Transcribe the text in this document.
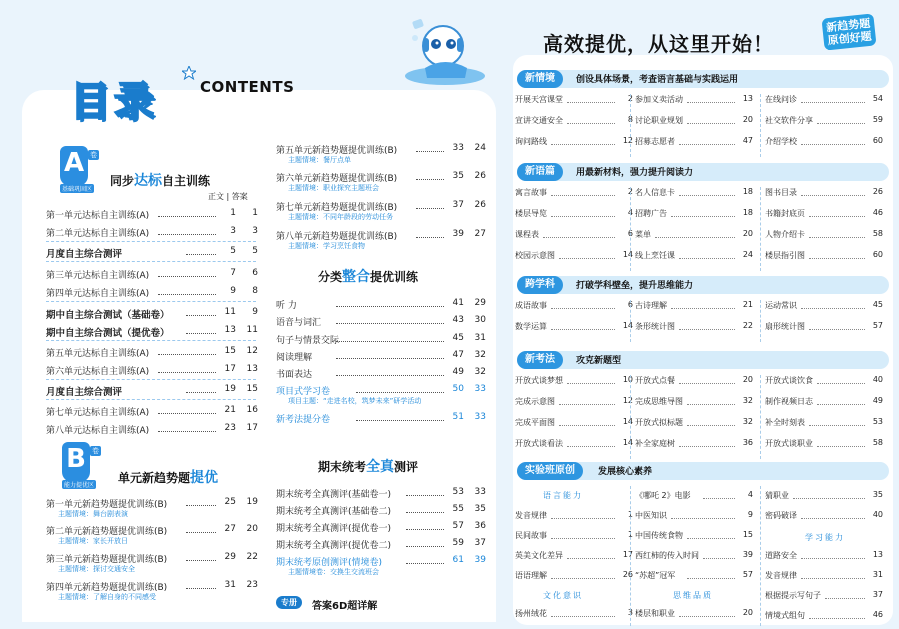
目录	CONTENTS
A 卷
基础巩固区
同步达标自主训练
正文 | 答案
第一单元达标自主训练(A)	1	1
第二单元达标自主训练(A)	3	3
月度自主综合测评	5	5
第三单元达标自主训练(A)	7	6
第四单元达标自主训练(A)	9	8
期中自主综合测试（基础卷）	11	9
期中自主综合测试（提优卷）	13	11
第五单元达标自主训练(A)	15	12
第六单元达标自主训练(A)	17	13
月度自主综合测评	19	15
第七单元达标自主训练(A)	21	16
第八单元达标自主训练(A)	23	17
B 卷
能力提优区
单元新趋势题提优
第一单元新趋势题提优训练(B)	25	19
主题情境：舞台剧表演
第二单元新趋势题提优训练(B)	27	20
主题情境：家长开放日
第三单元新趋势题提优训练(B)	29	22
主题情境：探讨交通安全
第四单元新趋势题提优训练(B)	31	23
主题情境：了解自身的不同感受
第五单元新趋势题提优训练(B)	33	24
主题情境：餐厅点单
第六单元新趋势题提优训练(B)	35	26
主题情境：职业探究主题班会
第七单元新趋势题提优训练(B)	37	26
主题情境：不同年龄段的劳动任务
第八单元新趋势题提优训练(B)	39	27
主题情境：学习烹饪食物
分类整合提优训练
听 力	41	29
语音与词汇	43	30
句子与情景交际	45	31
阅读理解	47	32
书面表达	49	32
项目式学习卷	50	33
项目主题：“走进名校，筑梦未来”研学活动
新考法提分卷	51	33
期末统考全真测评
期末统考全真测评(基础卷一)	53	33
期末统考全真测评(基础卷二)	55	35
期末统考全真测评(提优卷一)	57	36
期末统考全真测评(提优卷二)	59	37
期末统考原创测评(情境卷)	61	39
主题情境卷：交换生交流班会
专册	答案6D超详解
高效提优，从这里开始！
新趋势题
原创好题
新情境	创设具体场景，考查语言基础与实践运用
开展天宫课堂	2
宣讲交通安全	8
询问路线	12
参加义卖活动	13
讨论职业规划	20
招募志愿者	47
在线问诊	54
社交软件分享	59
介绍学校	60
新语篇	用最新材料，强力提升阅读力
寓言故事	2
楼层导览	4
课程表	6
校园示意图	14
名人信息卡	18
招聘广告	18
菜单	20
线上烹饪课	24
图书目录	26
书籍封底页	46
人物介绍卡	58
楼层指引图	60
跨学科	打破学科壁垒，提升思维能力
成语故事	6
数学运算	14
古诗理解	21
条形统计图	22
运动常识	45
扇形统计图	57
新考法	攻克新题型
开放式谈梦想	10
完成示意图	12
完成平面图	14
开放式谈看法	14
开放式点餐	20
完成思维导图	32
开放式拟标题	32
补全家庭树	36
开放式谈饮食	40
制作视频日志	49
补全时刻表	53
开放式谈职业	58
实验班原创	发展核心素养
语言能力
发音规律	1
民间故事	1
英美文化差异	17
语语理解	26
文化意识
扬州绒花	3
《哪吒 2》电影	4
中医知识	9
中国传统食物	15
西红柿的传入时间	39
“苏超”冠军	57
思维品质
楼层和职业	20
猜职业	35
密码破译	40
学习能力
道路安全	13
发音规律	31
根据提示写句子	37
情境式组句	46
